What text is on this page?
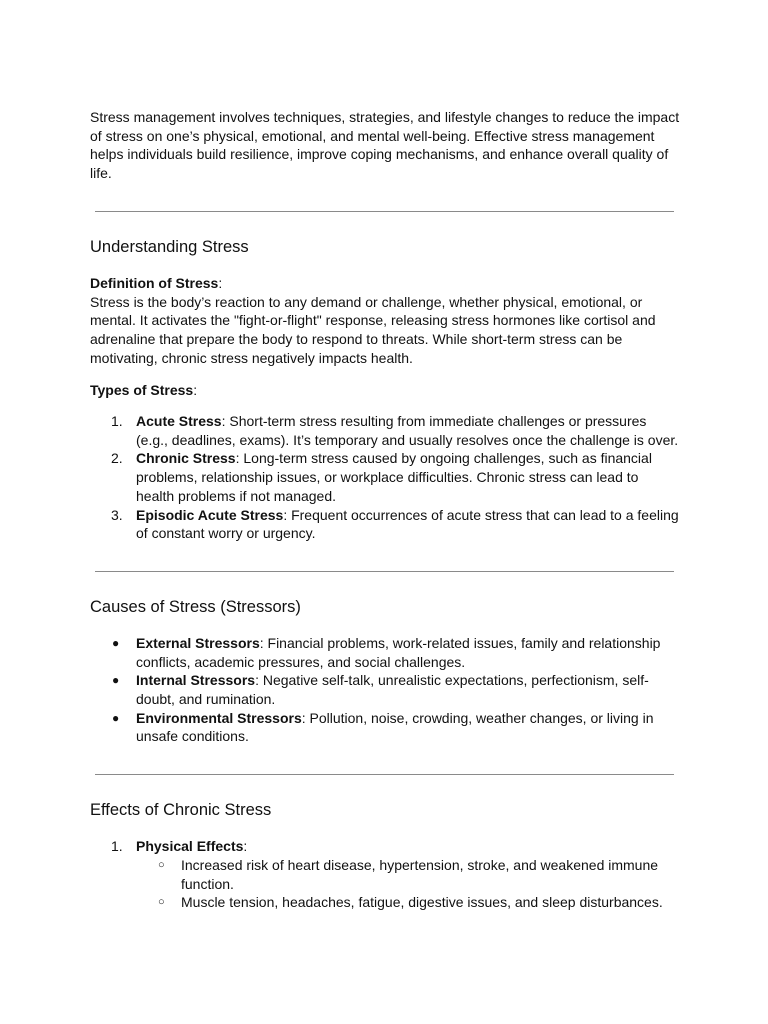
Stress management involves techniques, strategies, and lifestyle changes to reduce the impact of stress on one’s physical, emotional, and mental well-being. Effective stress management helps individuals build resilience, improve coping mechanisms, and enhance overall quality of life.

Understanding Stress

Definition of Stress:

Stress is the body’s reaction to any demand or challenge, whether physical, emotional, or mental. It activates the "fight-or-flight" response, releasing stress hormones like cortisol and adrenaline that prepare the body to respond to threats. While short-term stress can be motivating, chronic stress negatively impacts health.

Types of Stress:

1. Acute Stress: Short-term stress resulting from immediate challenges or pressures (e.g., deadlines, exams). It’s temporary and usually resolves once the challenge is over.
2. Chronic Stress: Long-term stress caused by ongoing challenges, such as financial problems, relationship issues, or workplace difficulties. Chronic stress can lead to health problems if not managed.
3. Episodic Acute Stress: Frequent occurrences of acute stress that can lead to a feeling of constant worry or urgency.
Causes of Stress (Stressors)
● External Stressors: Financial problems, work-related issues, family and relationship conflicts, academic pressures, and social challenges.
● Internal Stressors: Negative self-talk, unrealistic expectations, perfectionism, self-doubt, and rumination.
● Environmental Stressors: Pollution, noise, crowding, weather changes, or living in unsafe conditions.
Effects of Chronic Stress
1. Physical Effects:
○ Increased risk of heart disease, hypertension, stroke, and weakened immune function.
○ Muscle tension, headaches, fatigue, digestive issues, and sleep disturbances.
